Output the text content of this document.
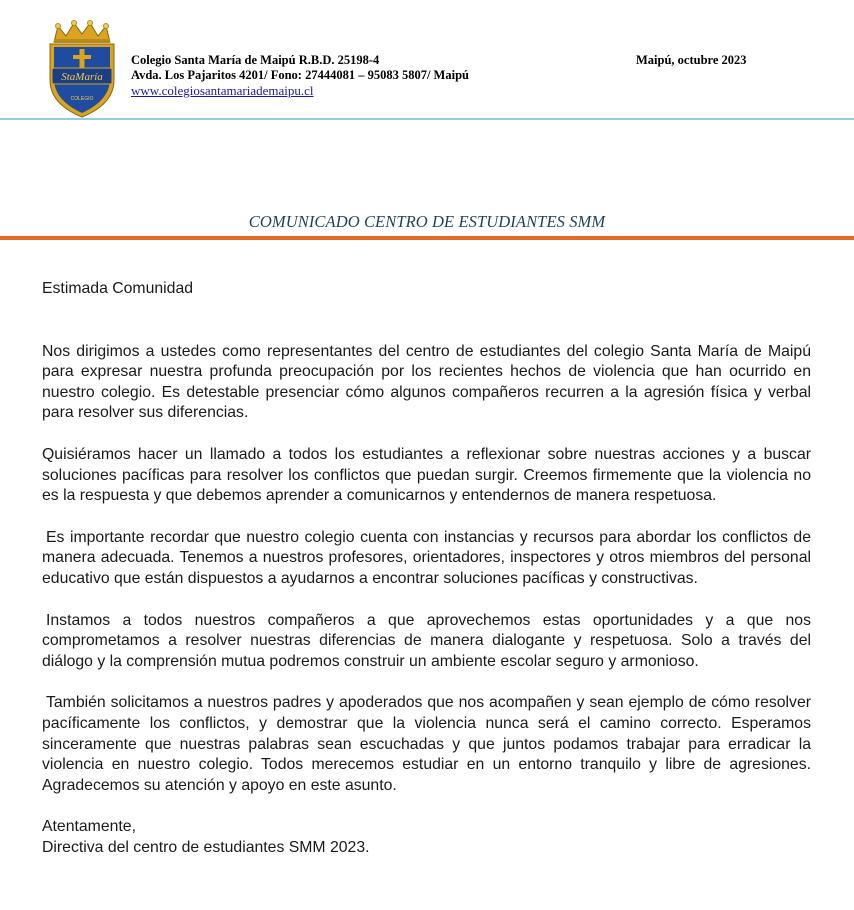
StaMaría
COLEGIO
Colegio Santa María de Maipú R.B.D. 25198-4
Avda. Los Pajaritos 4201/ Fono: 27444081 – 95083 5807/ Maipú
www.colegiosantamariademaipu.cl
Maipú, octubre 2023
COMUNICADO CENTRO DE ESTUDIANTES SMM

Estimada Comunidad

Nos dirigimos a ustedes como representantes del centro de estudiantes del colegio Santa María de Maipú para expresar nuestra profunda preocupación por los recientes hechos de violencia que han ocurrido en nuestro colegio. Es detestable presenciar cómo algunos compañeros recurren a la agresión física y verbal para resolver sus diferencias.

Quisiéramos hacer un llamado a todos los estudiantes a reflexionar sobre nuestras acciones y a buscar soluciones pacíficas para resolver los conflictos que puedan surgir. Creemos firmemente que la violencia no es la respuesta y que debemos aprender a comunicarnos y entendernos de manera respetuosa.

Es importante recordar que nuestro colegio cuenta con instancias y recursos para abordar los conflictos de manera adecuada. Tenemos a nuestros profesores, orientadores, inspectores y otros miembros del personal educativo que están dispuestos a ayudarnos a encontrar soluciones pacíficas y constructivas.

Instamos a todos nuestros compañeros a que aprovechemos estas oportunidades y a que nos comprometamos a resolver nuestras diferencias de manera dialogante y respetuosa. Solo a través del diálogo y la comprensión mutua podremos construir un ambiente escolar seguro y armonioso.

También solicitamos a nuestros padres y apoderados que nos acompañen y sean ejemplo de cómo resolver pacíficamente los conflictos, y demostrar que la violencia nunca será el camino correcto. Esperamos sinceramente que nuestras palabras sean escuchadas y que juntos podamos trabajar para erradicar la violencia en nuestro colegio. Todos merecemos estudiar en un entorno tranquilo y libre de agresiones. Agradecemos su atención y apoyo en este asunto.

Atentamente,

Directiva del centro de estudiantes SMM 2023.
